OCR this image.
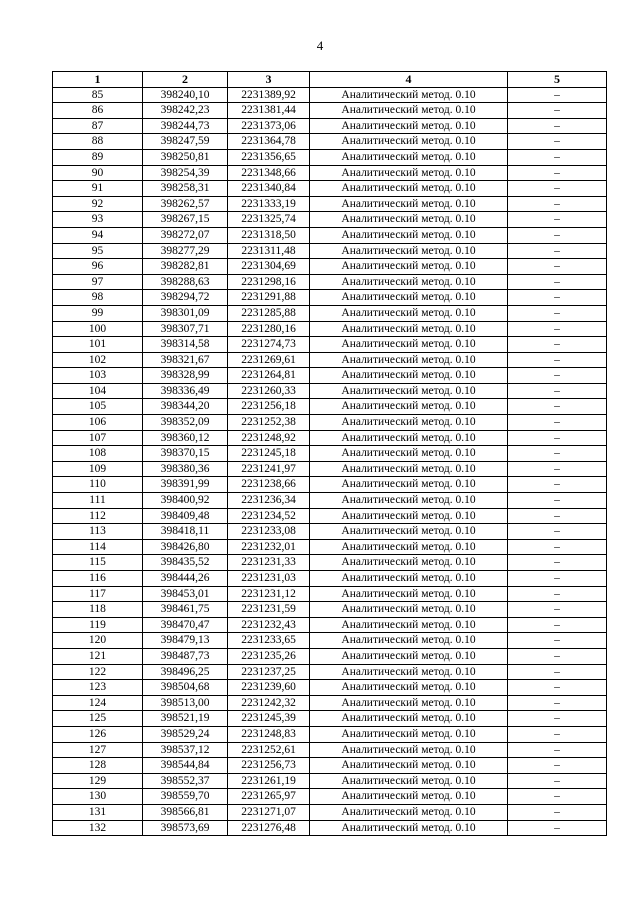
4
1	2	3	4	5
85	398240,10	2231389,92	Аналитический метод. 0.10	–
86	398242,23	2231381,44	Аналитический метод. 0.10	–
87	398244,73	2231373,06	Аналитический метод. 0.10	–
88	398247,59	2231364,78	Аналитический метод. 0.10	–
89	398250,81	2231356,65	Аналитический метод. 0.10	–
90	398254,39	2231348,66	Аналитический метод. 0.10	–
91	398258,31	2231340,84	Аналитический метод. 0.10	–
92	398262,57	2231333,19	Аналитический метод. 0.10	–
93	398267,15	2231325,74	Аналитический метод. 0.10	–
94	398272,07	2231318,50	Аналитический метод. 0.10	–
95	398277,29	2231311,48	Аналитический метод. 0.10	–
96	398282,81	2231304,69	Аналитический метод. 0.10	–
97	398288,63	2231298,16	Аналитический метод. 0.10	–
98	398294,72	2231291,88	Аналитический метод. 0.10	–
99	398301,09	2231285,88	Аналитический метод. 0.10	–
100	398307,71	2231280,16	Аналитический метод. 0.10	–
101	398314,58	2231274,73	Аналитический метод. 0.10	–
102	398321,67	2231269,61	Аналитический метод. 0.10	–
103	398328,99	2231264,81	Аналитический метод. 0.10	–
104	398336,49	2231260,33	Аналитический метод. 0.10	–
105	398344,20	2231256,18	Аналитический метод. 0.10	–
106	398352,09	2231252,38	Аналитический метод. 0.10	–
107	398360,12	2231248,92	Аналитический метод. 0.10	–
108	398370,15	2231245,18	Аналитический метод. 0.10	–
109	398380,36	2231241,97	Аналитический метод. 0.10	–
110	398391,99	2231238,66	Аналитический метод. 0.10	–
111	398400,92	2231236,34	Аналитический метод. 0.10	–
112	398409,48	2231234,52	Аналитический метод. 0.10	–
113	398418,11	2231233,08	Аналитический метод. 0.10	–
114	398426,80	2231232,01	Аналитический метод. 0.10	–
115	398435,52	2231231,33	Аналитический метод. 0.10	–
116	398444,26	2231231,03	Аналитический метод. 0.10	–
117	398453,01	2231231,12	Аналитический метод. 0.10	–
118	398461,75	2231231,59	Аналитический метод. 0.10	–
119	398470,47	2231232,43	Аналитический метод. 0.10	–
120	398479,13	2231233,65	Аналитический метод. 0.10	–
121	398487,73	2231235,26	Аналитический метод. 0.10	–
122	398496,25	2231237,25	Аналитический метод. 0.10	–
123	398504,68	2231239,60	Аналитический метод. 0.10	–
124	398513,00	2231242,32	Аналитический метод. 0.10	–
125	398521,19	2231245,39	Аналитический метод. 0.10	–
126	398529,24	2231248,83	Аналитический метод. 0.10	–
127	398537,12	2231252,61	Аналитический метод. 0.10	–
128	398544,84	2231256,73	Аналитический метод. 0.10	–
129	398552,37	2231261,19	Аналитический метод. 0.10	–
130	398559,70	2231265,97	Аналитический метод. 0.10	–
131	398566,81	2231271,07	Аналитический метод. 0.10	–
132	398573,69	2231276,48	Аналитический метод. 0.10	–
